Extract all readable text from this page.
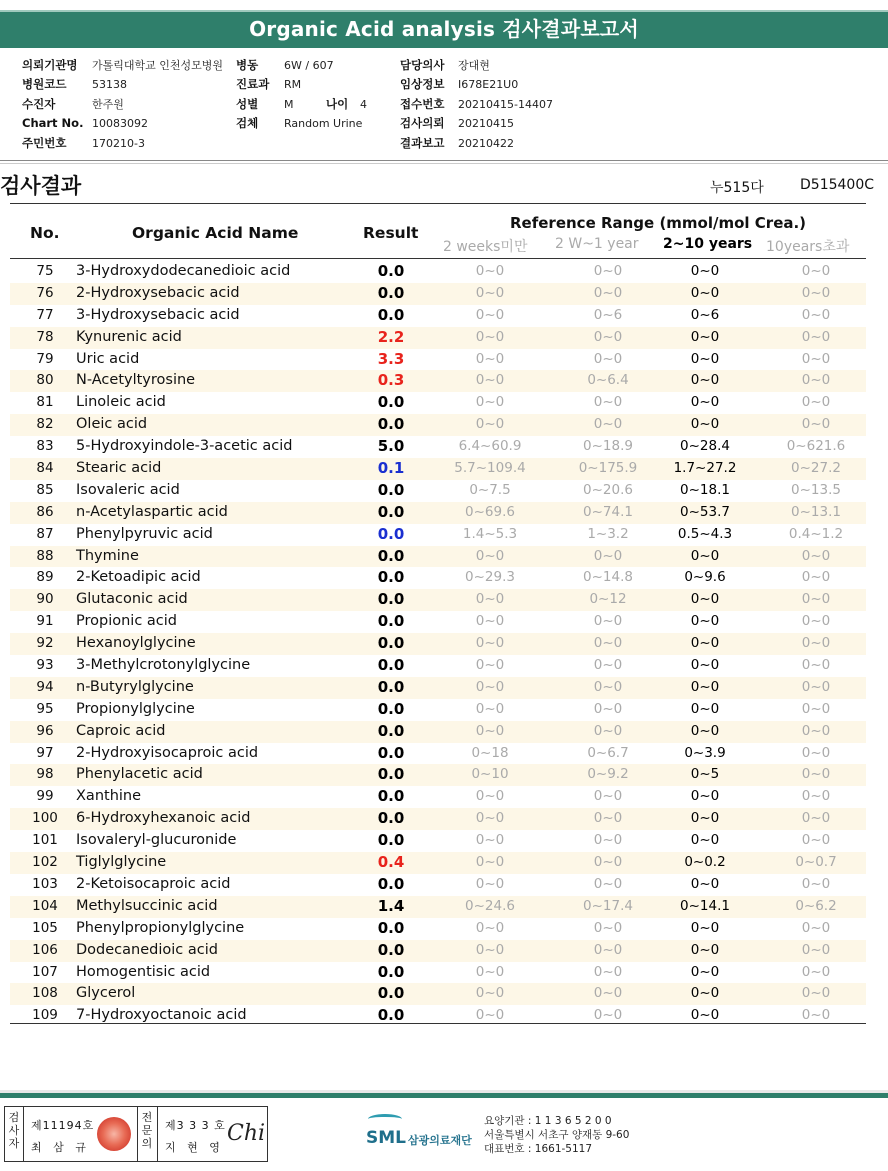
Organic Acid analysis 검사결과보고서
의뢰기관명 가톨릭대학교 인천성모병원
병원코드 53138
수진자	한주원
Chart No. 10083092
주민번호 170210-3
병동 6W / 607
진료과 RM
성별 M	나이 4
검체 Random Urine
담당의사 장대현
임상정보 I678E21U0
접수번호 20210415-14407
검사의뢰 20210415
결과보고 20210422
검사결과	누515다	D515400C
No.	Organic Acid Name	Result
Reference Range (mmol/mol Crea.)
2 weeks미만 2 W~1 year 2~10 years 10years초과
75	3-Hydroxydodecanedioic acid	0.0	0~0	0~0	0~0	0~0
76	2-Hydroxysebacic acid	0.0	0~0	0~0	0~0	0~0
77	3-Hydroxysebacic acid	0.0	0~0	0~6	0~6	0~0
78	Kynurenic acid	2.2	0~0	0~0	0~0	0~0
79	Uric acid	3.3	0~0	0~0	0~0	0~0
80	N-Acetyltyrosine	0.3	0~0	0~6.4	0~0	0~0
81	Linoleic acid	0.0	0~0	0~0	0~0	0~0
82	Oleic acid	0.0	0~0	0~0	0~0	0~0
83	5-Hydroxyindole-3-acetic acid	5.0	6.4~60.9	0~18.9	0~28.4	0~621.6
84	Stearic acid	0.1	5.7~109.4	0~175.9	1.7~27.2	0~27.2
85	Isovaleric acid	0.0	0~7.5	0~20.6	0~18.1	0~13.5
86	n-Acetylaspartic acid	0.0	0~69.6	0~74.1	0~53.7	0~13.1
87	Phenylpyruvic acid	0.0	1.4~5.3	1~3.2	0.5~4.3	0.4~1.2
88	Thymine	0.0	0~0	0~0	0~0	0~0
89	2-Ketoadipic acid	0.0	0~29.3	0~14.8	0~9.6	0~0
90	Glutaconic acid	0.0	0~0	0~12	0~0	0~0
91	Propionic acid	0.0	0~0	0~0	0~0	0~0
92	Hexanoylglycine	0.0	0~0	0~0	0~0	0~0
93	3-Methylcrotonylglycine	0.0	0~0	0~0	0~0	0~0
94	n-Butyrylglycine	0.0	0~0	0~0	0~0	0~0
95	Propionylglycine	0.0	0~0	0~0	0~0	0~0
96	Caproic acid	0.0	0~0	0~0	0~0	0~0
97	2-Hydroxyisocaproic acid	0.0	0~18	0~6.7	0~3.9	0~0
98	Phenylacetic acid	0.0	0~10	0~9.2	0~5	0~0
99	Xanthine	0.0	0~0	0~0	0~0	0~0
100 6-Hydroxyhexanoic acid	0.0	0~0	0~0	0~0	0~0
101 Isovaleryl-glucuronide	0.0	0~0	0~0	0~0	0~0
102 Tiglylglycine	0.4	0~0	0~0	0~0.2	0~0.7
103 2-Ketoisocaproic acid	0.0	0~0	0~0	0~0	0~0
104 Methylsuccinic acid	1.4	0~24.6	0~17.4	0~14.1	0~6.2
105 Phenylpropionylglycine	0.0	0~0	0~0	0~0	0~0
106 Dodecanedioic acid	0.0	0~0	0~0	0~0	0~0
107 Homogentisic acid	0.0	0~0	0~0	0~0	0~0
108 Glycerol	0.0	0~0	0~0	0~0	0~0
109 7-Hydroxyoctanoic acid	0.0	0~0	0~0	0~0	0~0
검사자
제11194호
최 삼 규
전문의
제3 3 3 호
지 현 영
Chi	SML 삼광의료재단
요양기관 : 1 1 3 6 5 2 0 0
서울특별시 서초구 양재동 9-60
대표번호 : 1661-5117
